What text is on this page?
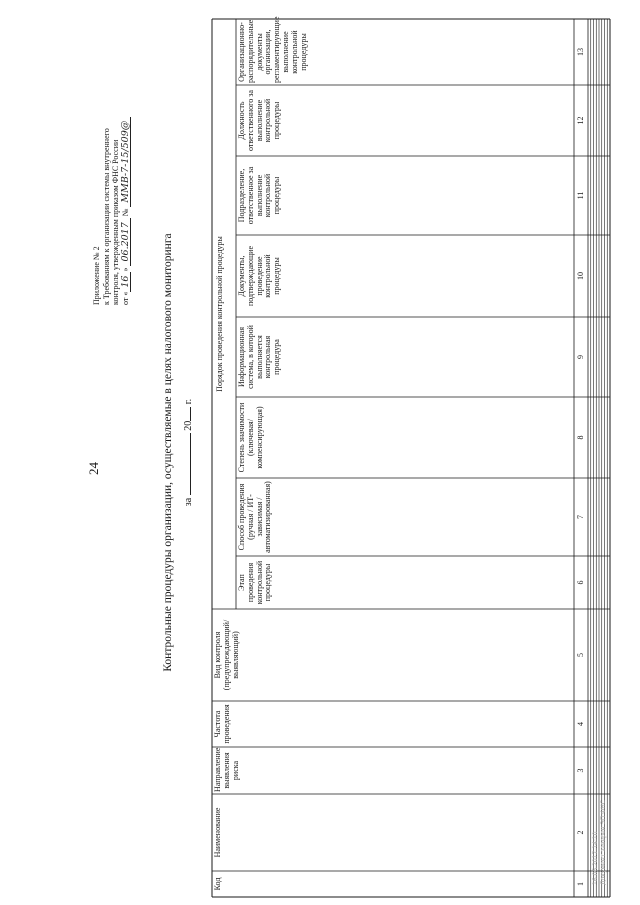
24
Приложение № 2 к Требованиям к организации системы внутреннего контроля, утвержденным приказом ФНС России от «16» 06.2017 № ММВ-7-15/509@
Контрольные процедуры организации, осуществляемые в целях налогового мониторинга за  20 г.
Код
Наименование
Направление выявления риска
Частота проведения
Вид контроля (предупреждающий/ выявляющий)
Порядок проведения контрольной процедуры
Этап проведения контрольной процедуры
Способ проведения (ручная / ИТ-зависимая / автоматизированная)
Степень значимости (ключевая/ компенсирующая)
Информационная система, в которой выполняется контрольная процедура
Документы, подтверждающие проведение контрольной процедуры
Подразделение, ответственное за выполнение контрольной процедуры
Должность ответственного за выполнение контрольной процедуры
Организационно-распорядительные документы организации, регламентирующие выполнение контрольной процедуры
1
2
3
4
5
6
7
8
9
10
11
12
13
16.06.2017 14:10 Документ заверен ЭП ФНС
